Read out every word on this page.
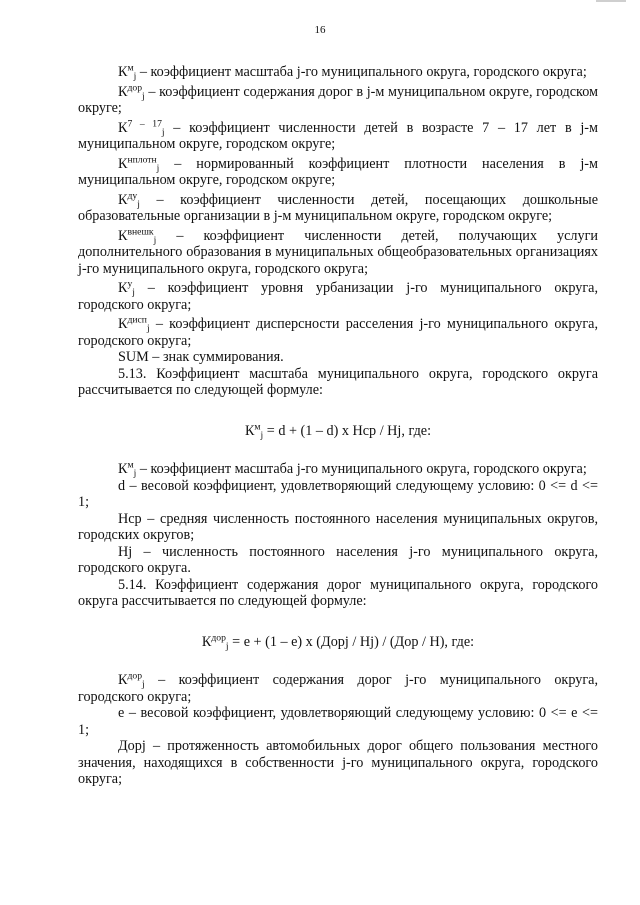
16

$К^м_j$ – коэффициент масштаба j-го муниципального округа, городского округа;

$К^{дор}_j$ – коэффициент содержания дорог в j-м муниципальном округе, городском округе;

$К^{7 - 17}_j$ – коэффициент численности детей в возрасте 7 – 17 лет в j-м муниципальном округе, городском округе;

$К^{нплотн}_j$ – нормированный коэффициент плотности населения в j-м муниципальном округе, городском округе;

$К^{ду}_j$ – коэффициент численности детей, посещающих дошкольные образовательные организации в j-м муниципальном округе, городском округе;

$К^{внешк}_j$ – коэффициент численности детей, получающих услуги дополнительного образования в муниципальных общеобразовательных организациях j-го муниципального округа, городского округа;

$К^у_j$ – коэффициент уровня урбанизации j-го муниципального округа, городского округа;

$К^{дисп}_j$ – коэффициент дисперсности расселения j-го муниципального округа, городского округа;

SUM – знак суммирования.

5.13. Коэффициент масштаба муниципального округа, городского округа рассчитывается по следующей формуле:

$К^м_j = d + (1 - d)$ x Нср / Нj, где:

$К^м_j$ – коэффициент масштаба j-го муниципального округа, городского округа;

d – весовой коэффициент, удовлетворяющий следующему условию: 0 <= d <= 1;

Нср – средняя численность постоянного населения муниципальных округов, городских округов;

Нj – численность постоянного населения j-го муниципального округа, городского округа.

5.14. Коэффициент содержания дорог муниципального округа, городского округа рассчитывается по следующей формуле:

$К^{дор}_j = e + (1 - e)$ x (Дорj / Нj) / (Дор / Н), где:

$К^{дор}_j$ – коэффициент содержания дорог j-го муниципального округа, городского округа;

e – весовой коэффициент, удовлетворяющий следующему условию: 0 <= e <= 1;

Дорj – протяженность автомобильных дорог общего пользования местного значения, находящихся в собственности j-го муниципального округа, городского округа;
